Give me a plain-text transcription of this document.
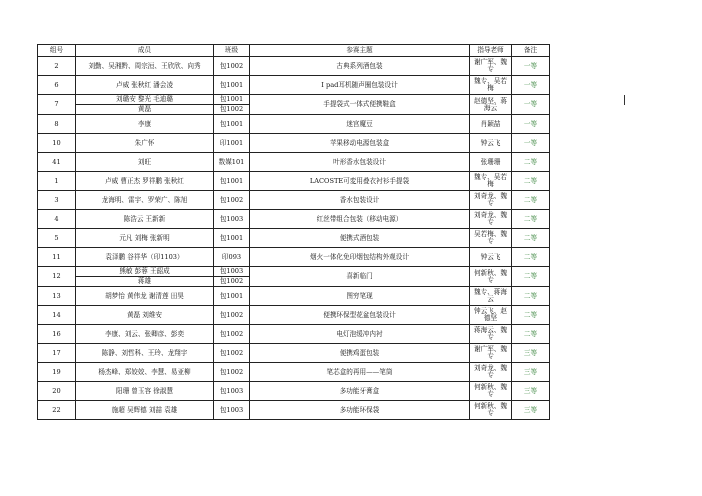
组号	成员	班级	参赛主题	指导老师	备注
2	刘勤、吴湘黔、周宗洹、王欣欣、向秀	包1002	古典系列酒包装	谢广军、魏专	一等
6	卢威 张秋红 潘会凌	包1001	I pad耳机随声圈包装设计	魏专、吴若梅	一等
7	刘璐安 黎光 毛迪璐	包1001	手提袋式一体式便携鞋盒	赵德坚、蒋海云	一等
	黄磊	包1002			
8	李康	包1001	迷宫魔豆	肖颖喆	一等
10	朱广怀	印1001	苹果移动电源包装盒	钟云飞	一等
41	刘旺	数媒101	叶形香水包装设计	张珊珊	二等
1	卢威 曹正杰 罗祥鹏 张秋红	包1001	LACOSTE可変用叠衣衬衫手提袋	魏专、吴若梅	二等
3	龙海明、雷宇、罗荣广、陈旭	包1002	香水包装设计	刘奇龙、魏专	二等
4	陈浩云 王新新	包1003	红丝带组合包装（移动电源）	刘奇龙、魏专	二等
5	元凡 刘梅 张新明	包1001	便携式酒包装	吴若梅、魏专	二等
11	袁泽鹏 谷祥华（印1103）	印093	烟火一体化免印烟包结构外观设计	钟云飞	二等
12	熊敏 彭蓉 王韶成	包1003	喜新临门	何新秋、魏专	二等
	蒋雄	包1002			
13	胡梦怡 黄伟龙 谢清莲 田昊	包1001	图穷笔现	魏专、蒋海云	二等
14	黄磊 刘维安	包1002	便携环保型花盆包装设计	钟云飞、赵德坚	二等
16	李康、刘云、张卿彦、彭奕	包1002	电灯泡缓冲内衬	蒋海云、魏专	二等
17	陈静、刘哲科、王玲、龙翔宇	包1002	便携鸡蛋包装	谢广军、魏专	三等
19	杨杰峰、郑姣姣、李慧、易亚柳	包1002	笔芯盒的再用——笔筒	刘奇龙、魏专	三等
20	阳珊 曾玉容 徐淑慧	包1003	多功能牙膏盒	何新秋、魏专	三等
22	施超 吴辉德 刘喆 袁雄	包1003	多功能环保袋	何新秋、魏专	三等
